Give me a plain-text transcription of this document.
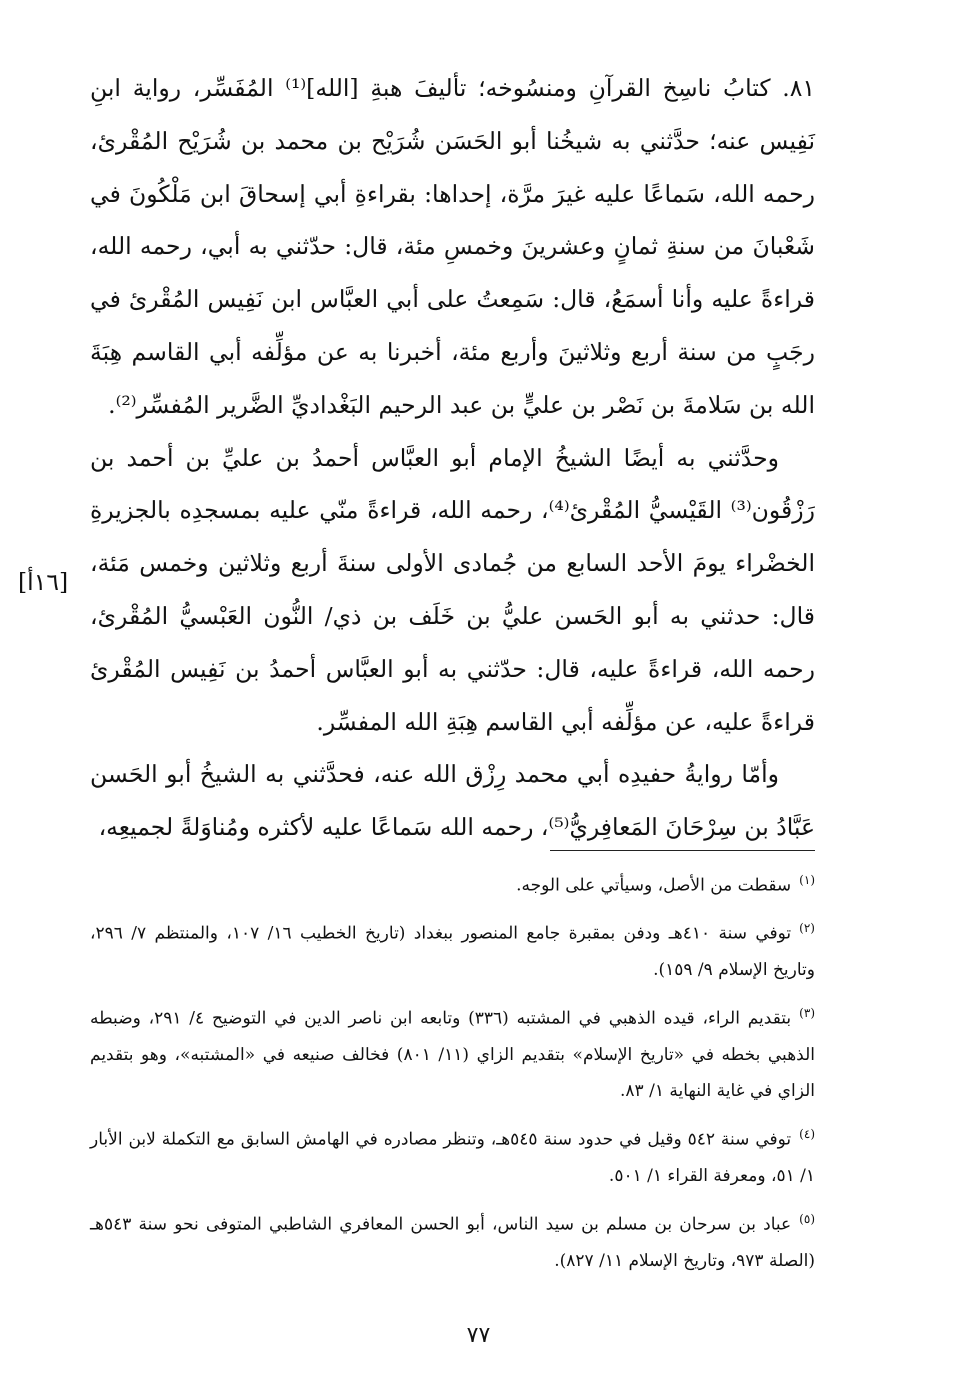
٨١. كتابُ ناسِخ القرآنِ ومنسُوخه؛ تأليفَ هبةِ [الله]⁽¹⁾ المُفَسِّر، رواية ابنِ نَفِيس عنه؛ حدَّثني به شيخُنا أبو الحَسَن شُرَيْح بن محمد بن شُرَيْح المُقْرئ، رحمه الله، سَماعًا عليه غيرَ مرَّة، إحداها: بقراءةِ أبي إسحاقَ ابن مَلْكُونَ في شَعْبانَ من سنةِ ثمانٍ وعشرينَ وخمسِ مئة، قال: حدّثني به أبي، رحمه الله، قراءةً عليه وأنا أسمَعُ، قال: سَمِعتُ على أبي العبَّاس ابن نَفِيس المُقْرئ في رجَبٍ من سنة أربع وثلاثينَ وأربع مئة، أخبرنا به عن مؤلِّفه أبي القاسم هِبَةَ الله بن سَلامةَ بن نَصْر بن عليٍّ بن عبد الرحيم البَغْداديِّ الضَّرير المُفسِّر⁽²⁾.

وحدَّثني به أيضًا الشيخُ الإمام أبو العبَّاس أحمدُ بن عليِّ بن أحمد بن رَزْقُون⁽³⁾ القَيْسيُّ المُقْرئ⁽⁴⁾، رحمه الله، قراءةً منّي عليه بمسجدِه بالجزيرةِ الخضْراء يومَ الأحد السابع من جُمادى الأولى سنةَ أربع وثلاثين وخمس مَئة، قال: حدثني به أبو الحَسن عليُّ بن خَلَف بن ذي/ النُّون العَبْسيُّ المُقْرئ، رحمه الله، قراءةً عليه، قال: حدّثني به أبو العبَّاس أحمدُ بن نَفِيس المُقْرئ قراءةً عليه، عن مؤلِّفه أبي القاسم هِبَةِ الله المفسِّر.

وأمّا روايةُ حفيدِه أبي محمد رِزْق الله عنه، فحدَّثني به الشيخُ أبو الحَسن عَبَّادُ بن سِرْحَانَ المَعافِريُّ⁽⁵⁾، رحمه الله سَماعًا عليه لأكثره ومُناوَلةً لجميعِه،

[١٦أ]

$^{(١)}$سقطت من الأصل، وسيأتي على الوجه.

$^{(٢)}$توفي سنة ٤١٠هـ ودفن بمقبرة جامع المنصور ببغداد (تاريخ الخطيب ١٦/ ١٠٧، والمنتظم ٧/ ٢٩٦، وتاريخ الإسلام ٩/ ١٥٩).

$^{(٣)}$بتقديم الراء، قيده الذهبي في المشتبه (٣٣٦) وتابعه ابن ناصر الدين في التوضيح ٤/ ٢٩١، وضبطه الذهبي بخطه في «تاريخ الإسلام» بتقديم الزاي (١١/ ٨٠١) فخالف صنيعه في «المشتبه»، وهو بتقديم الزاي في غاية النهاية ١/ ٨٣.

$^{(٤)}$توفي سنة ٥٤٢ وقيل في حدود سنة ٥٤٥هـ، وتنظر مصادره في الهامش السابق مع التكملة لابن الأبار ١/ ٥١، ومعرفة القراء ١/ ٥٠١.

$^{(٥)}$عباد بن سرحان بن مسلم بن سيد الناس، أبو الحسن المعافري الشاطبي المتوفى نحو سنة ٥٤٣هـ (الصلة ٩٧٣، وتاريخ الإسلام ١١/ ٨٢٧).

٧٧
